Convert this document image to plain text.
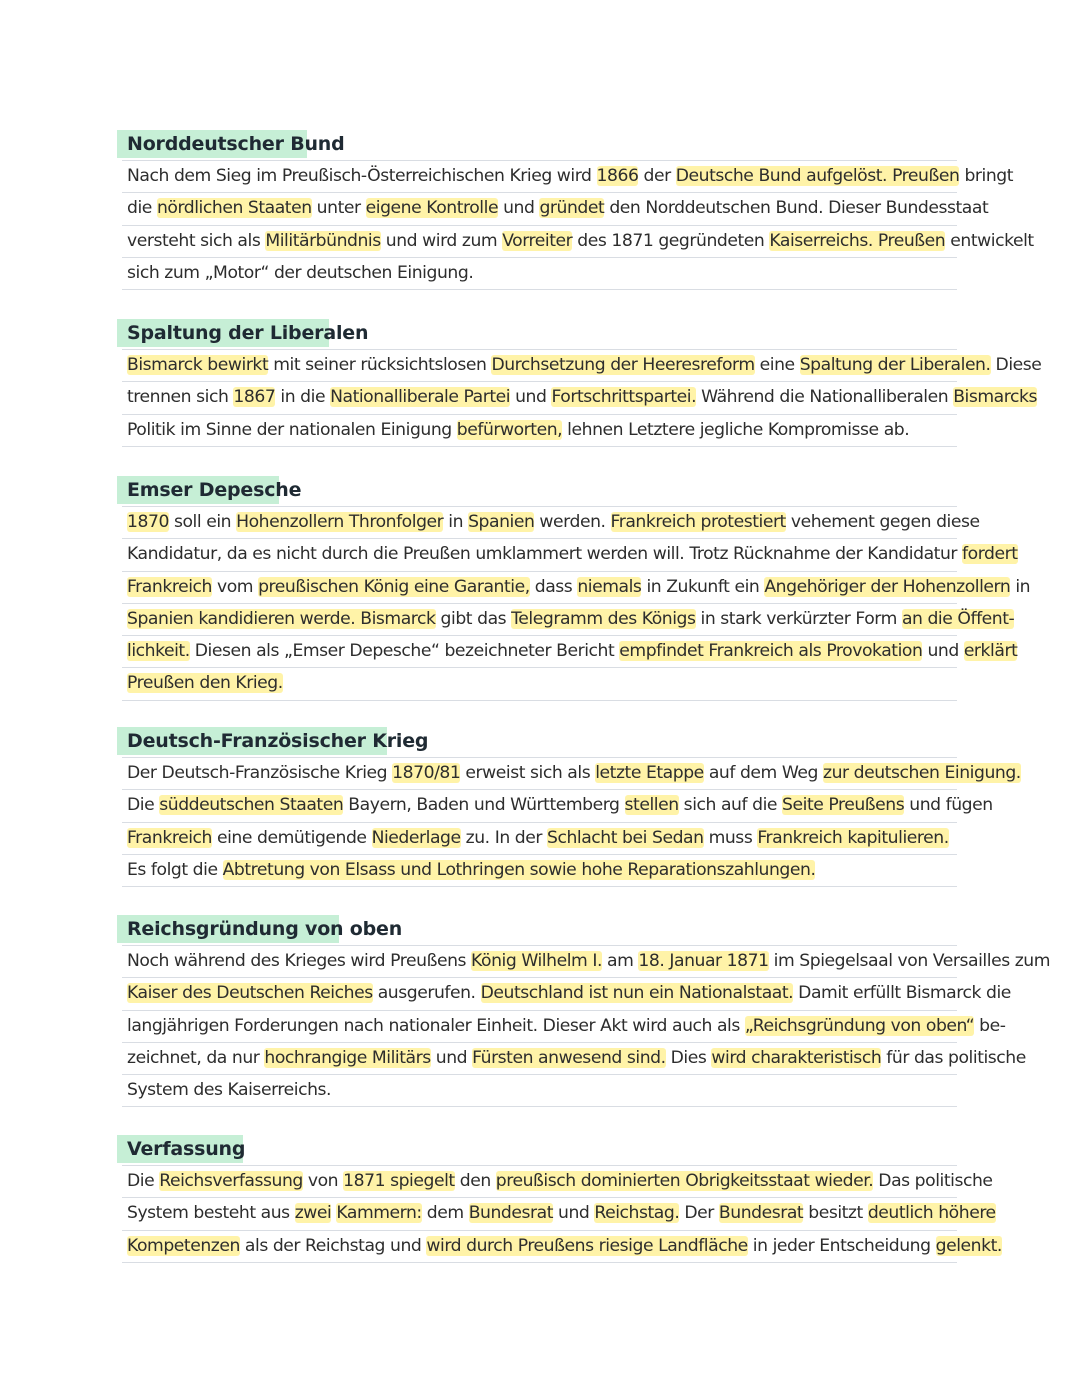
Norddeutscher Bund
Nach dem Sieg im Preußisch-Österreichischen Krieg wird 1866 der Deutsche Bund aufgelöst. Preußen bringt
die nördlichen Staaten unter eigene Kontrolle und gründet den Norddeutschen Bund. Dieser Bundesstaat
versteht sich als Militärbündnis und wird zum Vorreiter des 1871 gegründeten Kaiserreichs. Preußen entwickelt
sich zum „Motor“ der deutschen Einigung.
Spaltung der Liberalen
Bismarck bewirkt mit seiner rücksichtslosen Durchsetzung der Heeresreform eine Spaltung der Liberalen. Diese
trennen sich 1867 in die Nationalliberale Partei und Fortschrittspartei. Während die Nationalliberalen Bismarcks
Politik im Sinne der nationalen Einigung befürworten, lehnen Letztere jegliche Kompromisse ab.
Emser Depesche
1870 soll ein Hohenzollern Thronfolger in Spanien werden. Frankreich protestiert vehement gegen diese
Kandidatur, da es nicht durch die Preußen umklammert werden will. Trotz Rücknahme der Kandidatur fordert
Frankreich vom preußischen König eine Garantie, dass niemals in Zukunft ein Angehöriger der Hohenzollern in
Spanien kandidieren werde. Bismarck gibt das Telegramm des Königs in stark verkürzter Form an die Öffent-
lichkeit. Diesen als „Emser Depesche“ bezeichneter Bericht empfindet Frankreich als Provokation und erklärt
Preußen den Krieg.
Deutsch-Französischer Krieg
Der Deutsch-Französische Krieg 1870/81 erweist sich als letzte Etappe auf dem Weg zur deutschen Einigung.
Die süddeutschen Staaten Bayern, Baden und Württemberg stellen sich auf die Seite Preußens und fügen
Frankreich eine demütigende Niederlage zu. In der Schlacht bei Sedan muss Frankreich kapitulieren.
Es folgt die Abtretung von Elsass und Lothringen sowie hohe Reparationszahlungen.
Reichsgründung von oben
Noch während des Krieges wird Preußens König Wilhelm I. am 18. Januar 1871 im Spiegelsaal von Versailles zum
Kaiser des Deutschen Reiches ausgerufen. Deutschland ist nun ein Nationalstaat. Damit erfüllt Bismarck die
langjährigen Forderungen nach nationaler Einheit. Dieser Akt wird auch als „Reichsgründung von oben“ be-
zeichnet, da nur hochrangige Militärs und Fürsten anwesend sind. Dies wird charakteristisch für das politische
System des Kaiserreichs.
Verfassung
Die Reichsverfassung von 1871 spiegelt den preußisch dominierten Obrigkeitsstaat wieder. Das politische
System besteht aus zwei Kammern: dem Bundesrat und Reichstag. Der Bundesrat besitzt deutlich höhere
Kompetenzen als der Reichstag und wird durch Preußens riesige Landfläche in jeder Entscheidung gelenkt.
